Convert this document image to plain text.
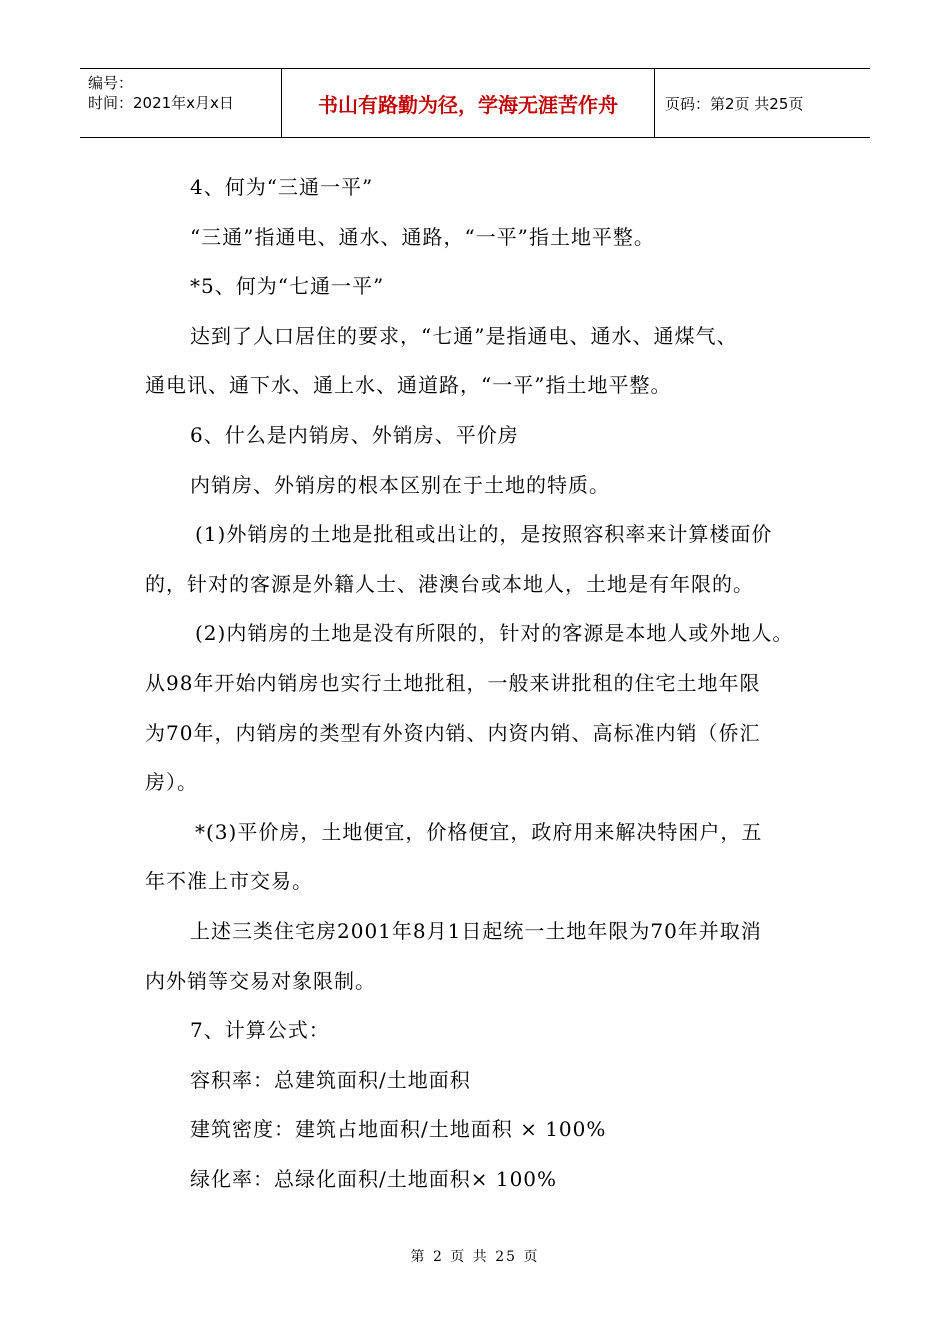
编号：
时间：2021年x月x日	书山有路勤为径，学海无涯苦作舟	页码：第2页 共25页

4、何为“三通一平”

“三通”指通电、通水、通路，“一平”指土地平整。

*5、何为“七通一平”

达到了人口居住的要求，“七通”是指通电、通水、通煤气、

通电讯、通下水、通上水、通道路，“一平”指土地平整。

6、什么是内销房、外销房、平价房

内销房、外销房的根本区别在于土地的特质。

(1)外销房的土地是批租或出让的，是按照容积率来计算楼面价

的，针对的客源是外籍人士、港澳台或本地人，土地是有年限的。

(2)内销房的土地是没有所限的，针对的客源是本地人或外地人。

从98年开始内销房也实行土地批租，一般来讲批租的住宅土地年限

为70年，内销房的类型有外资内销、内资内销、高标准内销（侨汇

房）。

*(3)平价房，土地便宜，价格便宜，政府用来解决特困户，五

年不准上市交易。

上述三类住宅房2001年8月1日起统一土地年限为70年并取消

内外销等交易对象限制。

7、计算公式：

容积率：总建筑面积/土地面积

建筑密度：建筑占地面积/土地面积 × 100%

绿化率：总绿化面积/土地面积× 100%

第 2 页 共 25 页
